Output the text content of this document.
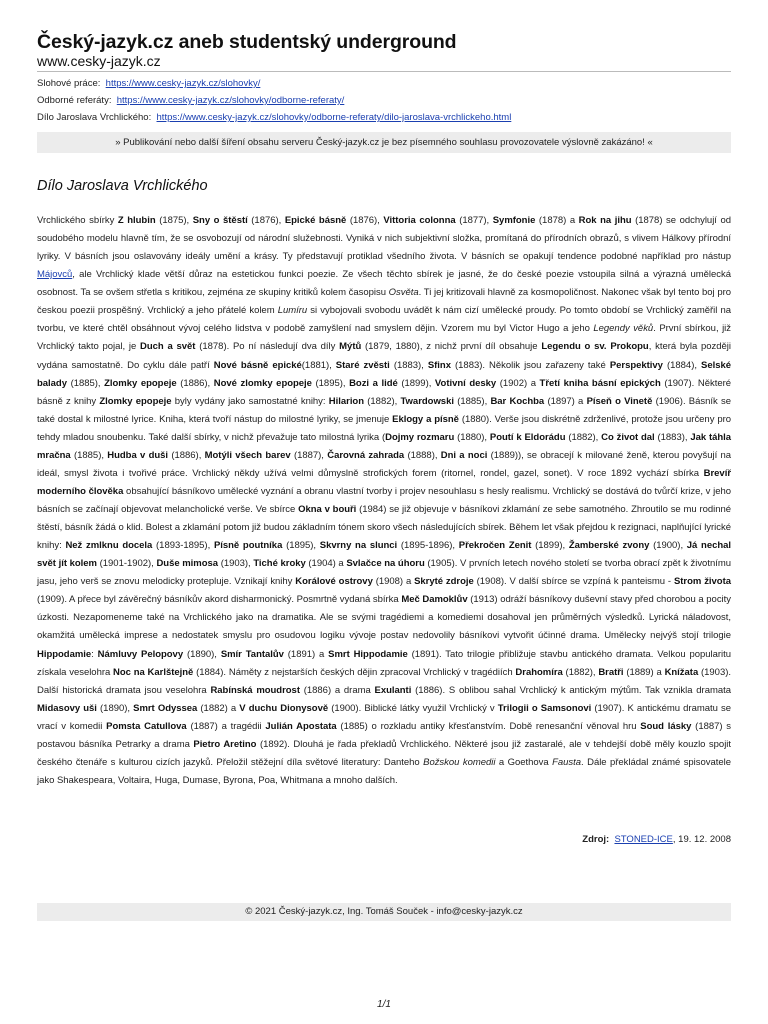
Český-jazyk.cz aneb studentský underground
www.cesky-jazyk.cz
Slohové práce: https://www.cesky-jazyk.cz/slohovky/
Odborné referáty: https://www.cesky-jazyk.cz/slohovky/odborne-referaty/
Dílo Jaroslava Vrchlického: https://www.cesky-jazyk.cz/slohovky/odborne-referaty/dilo-jaroslava-vrchlickeho.html
» Publikování nebo další šíření obsahu serveru Český-jazyk.cz je bez písemného souhlasu provozovatele výslovně zakázáno! «
Dílo Jaroslava Vrchlického
Vrchlického sbírky Z hlubin (1875), Sny o štěstí (1876), Epické básně (1876), Vittoria colonna (1877), Symfonie (1878) a Rok na jihu (1878) se odchylují od soudobého modelu hlavně tím, že se osvobozují od národní služebnosti. Vyniká v nich subjektivní složka, promítaná do přírodních obrazů, s vlivem Hálkovy přírodní lyriky. V básních jsou oslavovány ideály umění a krásy. Ty představují protiklad všedního života. V básních se opakují tendence podobné například pro nástup Májovců, ale Vrchlický klade větší důraz na estetickou funkci poezie. Ze všech těchto sbírek je jasné, že do české poezie vstoupila silná a výrazná umělecká osobnost. Ta se ovšem střetla s kritikou, zejména ze skupiny kritiků kolem časopisu Osvěta. Ti jej kritizovali hlavně za kosmopoličnost. Nakonec však byl tento boj pro českou poezii prospěšný. Vrchlický a jeho přátelé kolem Lumíru si vybojovali svobodu uvádět k nám cizí umělecké proudy. Po tomto období se Vrchlický zaměřil na tvorbu, ve které chtěl obsáhnout vývoj celého lidstva v podobě zamyšlení nad smyslem dějin. Vzorem mu byl Victor Hugo a jeho Legendy věků. První sbírkou, již Vrchlický takto pojal, je Duch a svět (1878). Po ní následují dva díly Mýtů (1879, 1880), z nichž první díl obsahuje Legendu o sv. Prokopu, která byla později vydána samostatně. Do cyklu dále patří Nové básně epické(1881), Staré zvěsti (1883), Sfinx (1883). Několik jsou zařazeny také Perspektivy (1884), Selské balady (1885), Zlomky epopeje (1886), Nové zlomky epopeje (1895), Bozi a lidé (1899), Votivní desky (1902) a Třetí kniha básní epických (1907). Některé básně z knihy Zlomky epopeje byly vydány jako samostatné knihy: Hilarion (1882), Twardowski (1885), Bar Kochba (1897) a Píseň o Vinetě (1906). Básník se také dostal k milostné lyrice. Kniha, která tvoří nástup do milostné lyriky, se jmenuje Eklogy a písně (1880). Verše jsou diskrétně zdrženlivé, protože jsou určeny pro tehdy mladou snoubenku. Také další sbírky, v nichž převažuje tato milostná lyrika (Dojmy rozmaru (1880), Poutí k Eldorádu (1882), Co život dal (1883), Jak táhla mračna (1885), Hudba v duši (1886), Motýli všech barev (1887), Čarovná zahrada (1888), Dni a noci (1889)), se obracejí k milované ženě, kterou povyšují na ideál, smysl života i tvořivé práce. Vrchlický někdy užívá velmi důmyslně strofických forem (ritornel, rondel, gazel, sonet). V roce 1892 vychází sbírka Brevíř moderního člověka obsahující básníkovo umělecké vyznání a obranu vlastní tvorby i projev nesouhlasu s hesly realismu. Vrchlický se dostává do tvůrčí krize, v jeho básních se začínají objevovat melancholické verše. Ve sbírce Okna v bouři (1984) se již objevuje v básníkovi zklamání ze sebe samotného. Zhroutilo se mu rodinné štěstí, básník žádá o klid. Bolest a zklamání potom již budou základním tónem skoro všech následujících sbírek. Během let však přejdou k rezignaci, naplňující lyrické knihy: Než zmlknu docela (1893-1895), Písně poutníka (1895), Skvrny na slunci (1895-1896), Překročen Zenit (1899), Žamberské zvony (1900), Já nechal svět jít kolem (1901-1902), Duše mimosa (1903), Tiché kroky (1904) a Svlačce na úhoru (1905). V prvních letech nového století se tvorba obrací zpět k životnímu jasu, jeho verš se znovu melodicky protepluje. Vznikají knihy Korálové ostrovy (1908) a Skryté zdroje (1908). V další sbírce se vzpíná k panteismu - Strom života (1909). A přece byl závěrečný básníkův akord disharmonický. Posmrtně vydaná sbírka Meč Damoklův (1913) odráží básníkovy duševní stavy před chorobou a pocity úzkosti. Nezapomeneme také na Vrchlického jako na dramatika. Ale se svými tragédiemi a komediemi dosahoval jen průměrných výsledků. Lyrická náladovost, okamžitá umělecká imprese a nedostatek smyslu pro osudovou logiku vývoje postav nedovolily básníkovi vytvořit účinné drama. Umělecky nejvýš stojí trilogie Hippodamie: Námluvy Pelopovy (1890), Smír Tantalův (1891) a Smrt Hippodamie (1891). Tato trilogie přibližuje stavbu antického dramata. Velkou popularitu získala veselohra Noc na Karlštejně (1884). Náměty z nejstarších českých dějin zpracoval Vrchlický v tragédiích Drahomíra (1882), Bratři (1889) a Knížata (1903). Další historická dramata jsou veselohra Rabínská moudrost (1886) a drama Exulanti (1886). S oblibou sahal Vrchlický k antickým mýtům. Tak vznikla dramata Midasovy uši (1890), Smrt Odyssea (1882) a V duchu Dionysově (1900). Biblické látky využil Vrchlický v Trilogii o Samsonovi (1907). K antickému dramatu se vrací v komedii Pomsta Catullova (1887) a tragédii Julián Apostata (1885) o rozkladu antiky křesťanstvím. Době renesanční věnoval hru Soud lásky (1887) s postavou básníka Petrarky a drama Pietro Aretino (1892). Dlouhá je řada překladů Vrchlického. Některé jsou již zastaralé, ale v tehdejší době měly kouzlo spojit českého čtenáře s kulturou cizích jazyků. Přeložil stěžejní díla světové literatury: Danteho Božskou komedii a Goethova Fausta. Dále překládal známé spisovatele jako Shakespeara, Voltaira, Huga, Dumase, Byrona, Poa, Whitmana a mnoho dalších.
Zdroj: STONED-ICE, 19. 12. 2008
© 2021 Český-jazyk.cz, Ing. Tomáš Souček - info@cesky-jazyk.cz
1/1
